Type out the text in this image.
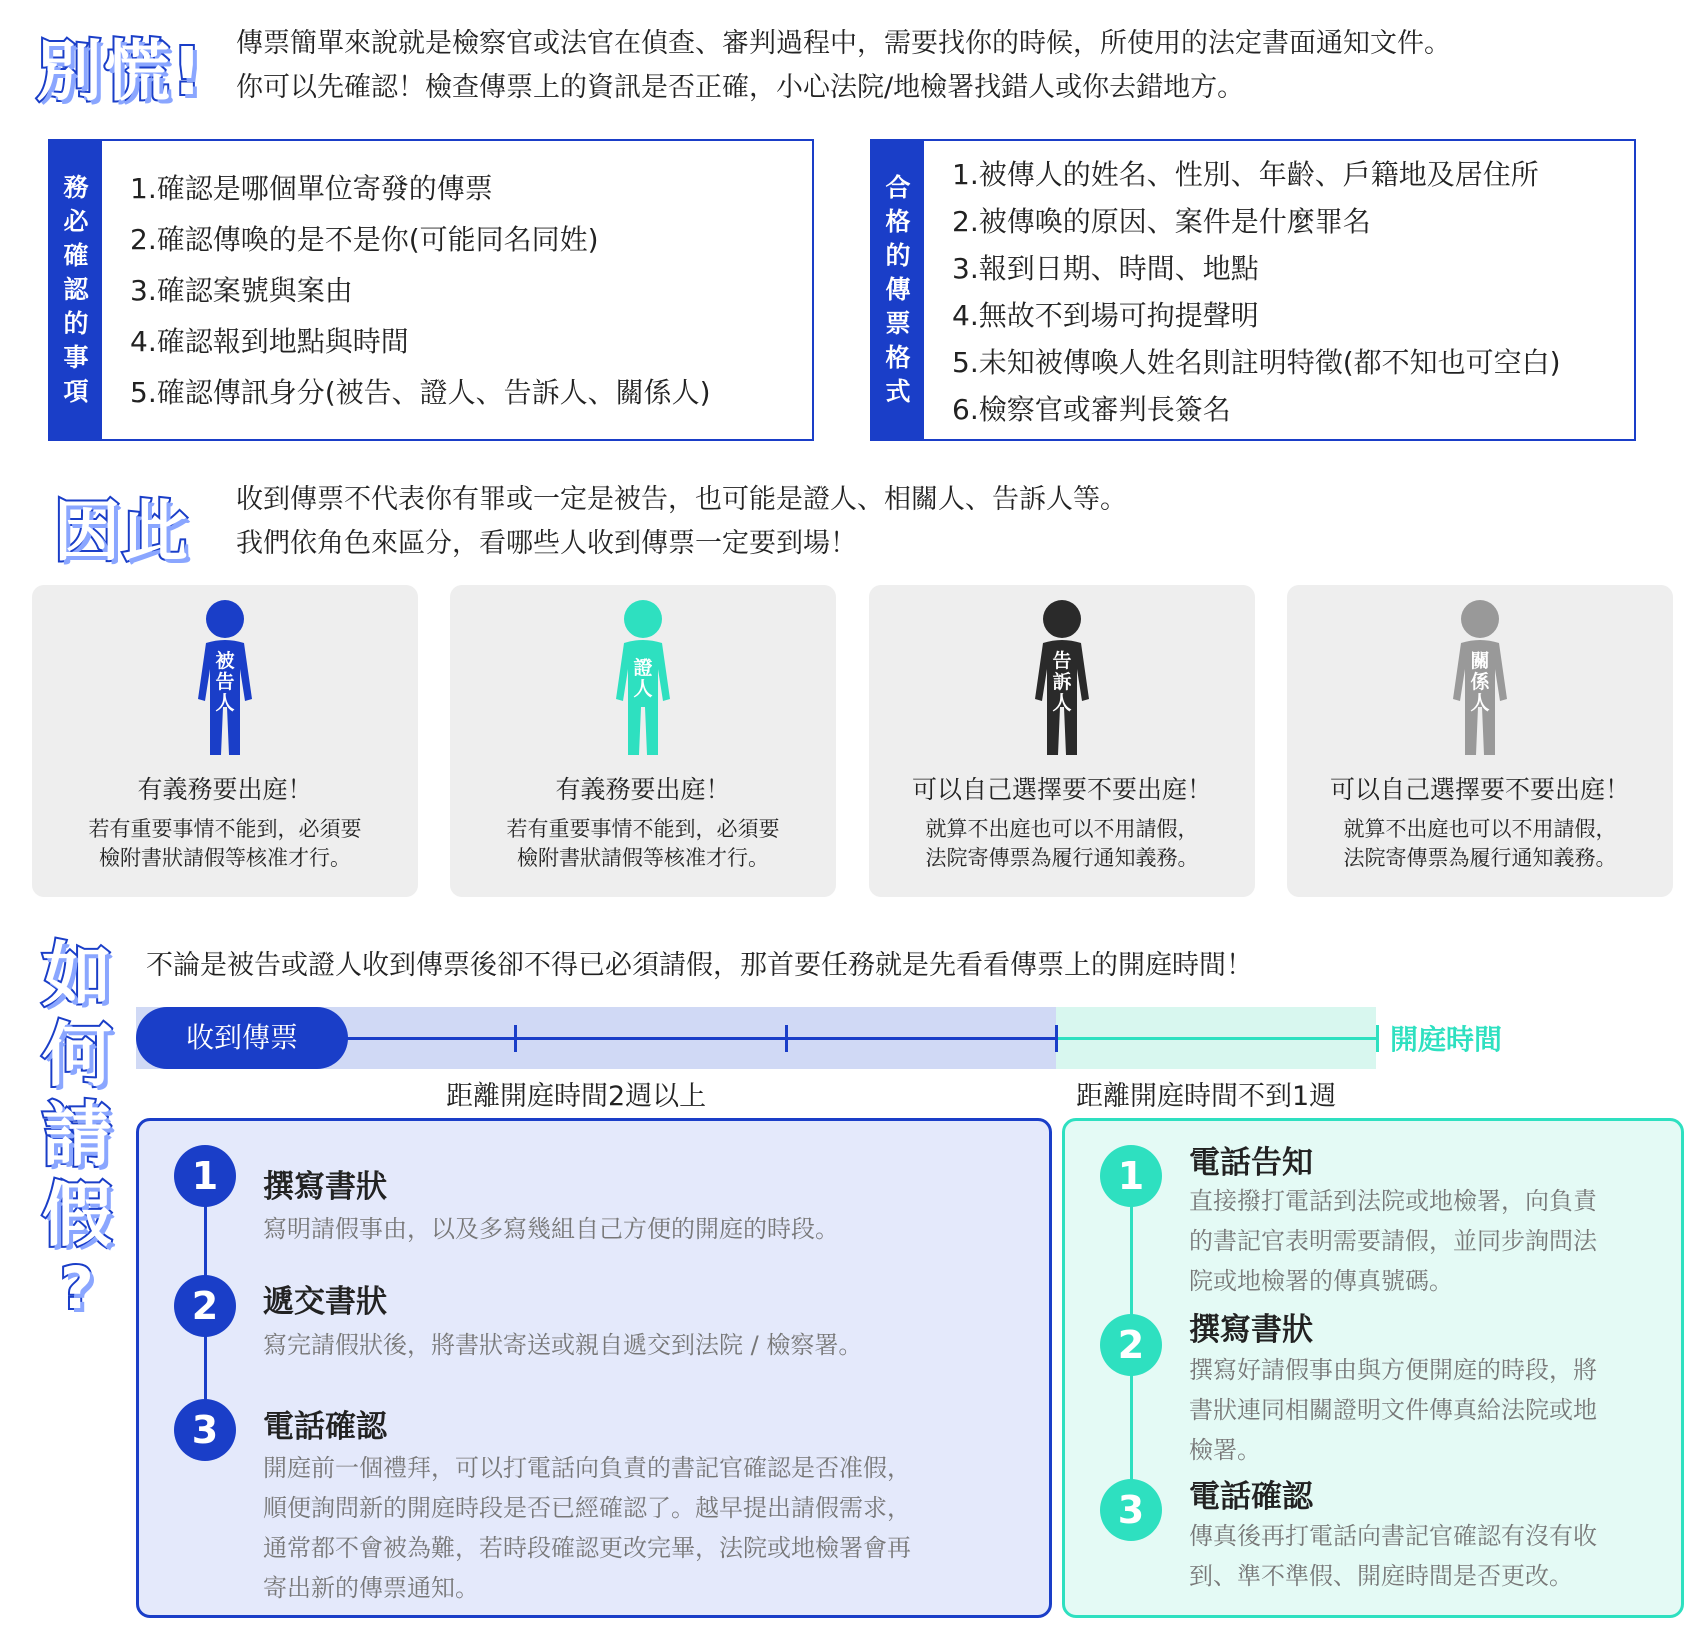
別慌! 傳票簡單來說就是檢察官或法官在偵查、審判過程中，需要找你的時候，所使用的法定書面通知文件。
你可以先確認！檢查傳票上的資訊是否正確，小心法院/地檢署找錯人或你去錯地方。
務
必
確
認
的
事
項
1.確認是哪個單位寄發的傳票
2.確認傳喚的是不是你(可能同名同姓)
3.確認案號與案由
4.確認報到地點與時間
5.確認傳訊身分(被告、證人、告訴人、關係人)
合
格
的
傳
票
格
式
1.被傳人的姓名、性別、年齡、戶籍地及居住所
2.被傳喚的原因、案件是什麼罪名
3.報到日期、時間、地點
4.無故不到場可拘提聲明
5.未知被傳喚人姓名則註明特徵(都不知也可空白)
6.檢察官或審判長簽名
因此 收到傳票不代表你有罪或一定是被告，也可能是證人、相關人、告訴人等。
我們依角色來區分，看哪些人收到傳票一定要到場！
被告人
有義務要出庭！
若有重要事情不能到，必須要
檢附書狀請假等核准才行。
證人
有義務要出庭！
若有重要事情不能到，必須要
檢附書狀請假等核准才行。
告訴人
可以自己選擇要不要出庭！
就算不出庭也可以不用請假，
法院寄傳票為履行通知義務。
關係人
可以自己選擇要不要出庭！
就算不出庭也可以不用請假，
法院寄傳票為履行通知義務。
如
何
請
假
?
不論是被告或證人收到傳票後卻不得已必須請假，那首要任務就是先看看傳票上的開庭時間！
收到傳票	開庭時間
距離開庭時間2週以上	距離開庭時間不到1週
1	撰寫書狀
寫明請假事由，以及多寫幾組自己方便的開庭的時段。
2	遞交書狀
寫完請假狀後，將書狀寄送或親自遞交到法院 / 檢察署。
3	電話確認
開庭前一個禮拜，可以打電話向負責的書記官確認是否准假，
順便詢問新的開庭時段是否已經確認了。越早提出請假需求，
通常都不會被為難，若時段確認更改完畢，法院或地檢署會再
寄出新的傳票通知。
1	電話告知
直接撥打電話到法院或地檢署，向負責
的書記官表明需要請假，並同步詢問法
院或地檢署的傳真號碼。
2	撰寫書狀
撰寫好請假事由與方便開庭的時段，將
書狀連同相關證明文件傳真給法院或地
檢署。
3	電話確認
傳真後再打電話向書記官確認有沒有收
到、準不準假、開庭時間是否更改。
